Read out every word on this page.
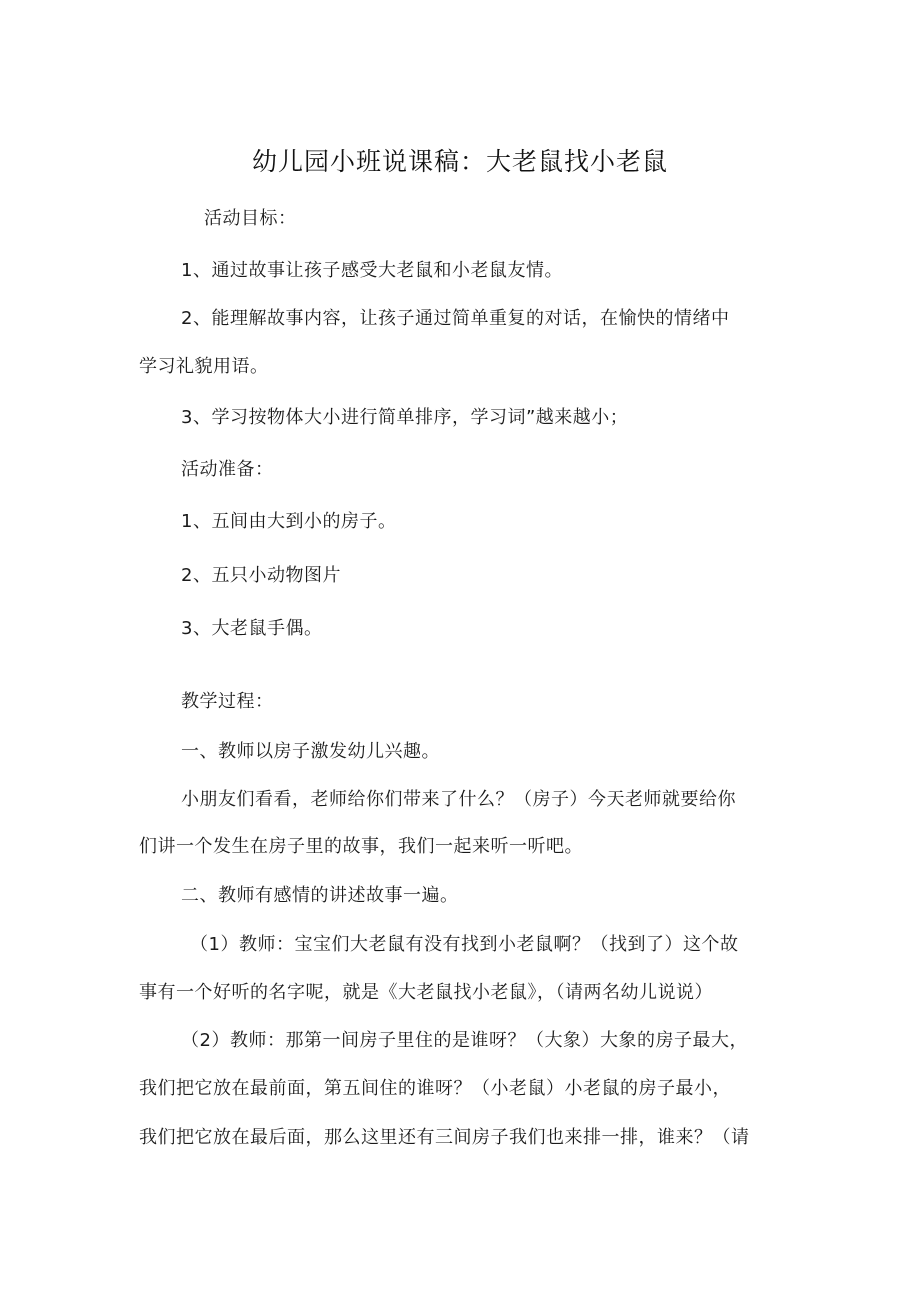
幼儿园小班说课稿：大老鼠找小老鼠
活动目标：
1、通过故事让孩子感受大老鼠和小老鼠友情。
2、能理解故事内容，让孩子通过简单重复的对话，在愉快的情绪中
学习礼貌用语。
3、学习按物体大小进行简单排序，学习词”越来越小；
活动准备：
1、五间由大到小的房子。
2、五只小动物图片
3、大老鼠手偶。
教学过程：
一、教师以房子激发幼儿兴趣。
小朋友们看看，老师给你们带来了什么？（房子）今天老师就要给你
们讲一个发生在房子里的故事，我们一起来听一听吧。
二、教师有感情的讲述故事一遍。
（1）教师：宝宝们大老鼠有没有找到小老鼠啊？（找到了）这个故
事有一个好听的名字呢，就是《大老鼠找小老鼠》，（请两名幼儿说说）
（2）教师：那第一间房子里住的是谁呀？（大象）大象的房子最大，
我们把它放在最前面，第五间住的谁呀？（小老鼠）小老鼠的房子最小，
我们把它放在最后面，那么这里还有三间房子我们也来排一排，谁来？（请
